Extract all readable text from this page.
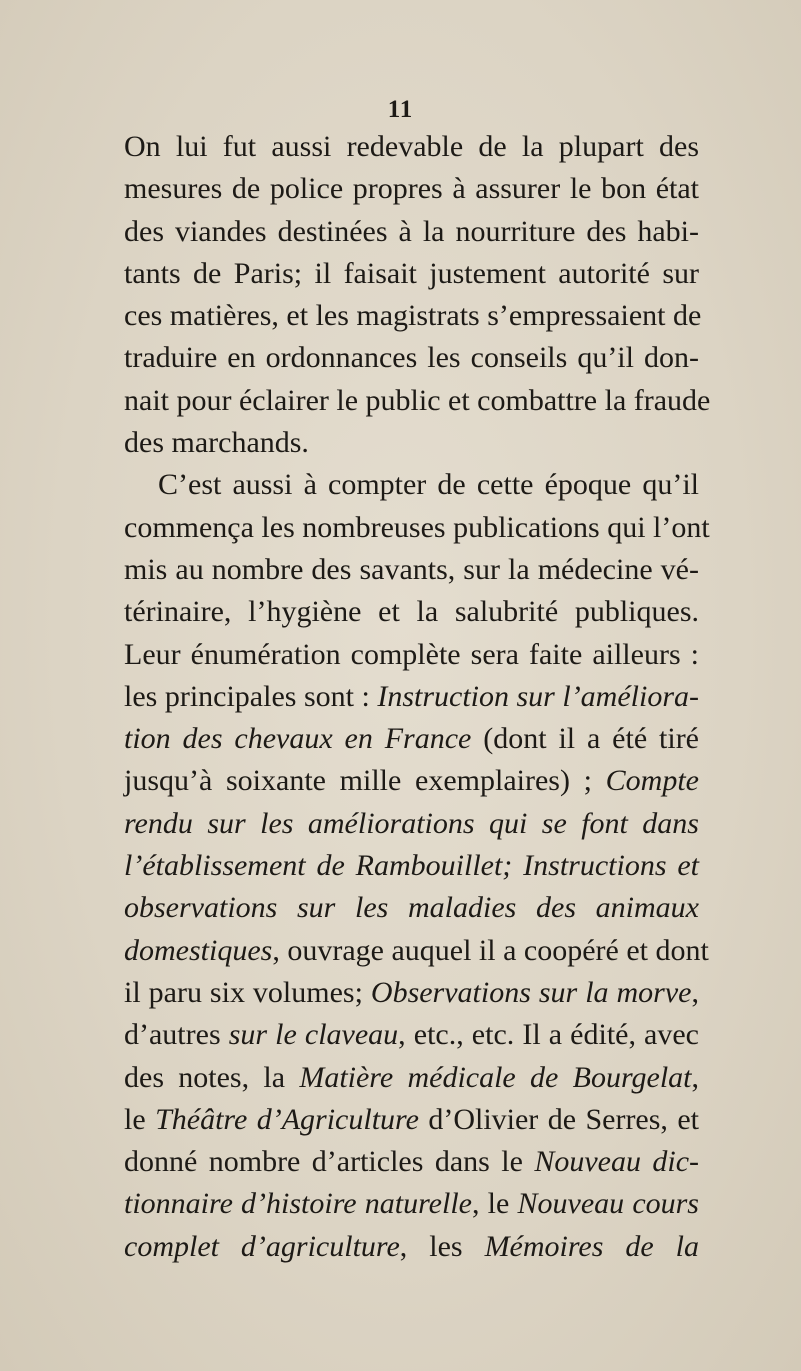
11
On lui fut aussi redevable de la plupart des
mesures de police propres à assurer le bon état
des viandes destinées à la nourriture des habi-
tants de Paris; il faisait justement autorité sur
ces matières, et les magistrats s’empressaient de
traduire en ordonnances les conseils qu’il don-
nait pour éclairer le public et combattre la fraude
des marchands.
C’est aussi à compter de cette époque qu’il
commença les nombreuses publications qui l’ont
mis au nombre des savants, sur la médecine vé-
térinaire, l’hygiène et la salubrité publiques.
Leur énumération complète sera faite ailleurs :
les principales sont : Instruction sur l’améliora-
tion des chevaux en France (dont il a été tiré
jusqu’à soixante mille exemplaires) ; Compte
rendu sur les améliorations qui se font dans
l’établissement de Rambouillet; Instructions et
observations sur les maladies des animaux
domestiques, ouvrage auquel il a coopéré et dont
il paru six volumes; Observations sur la morve,
d’autres sur le claveau, etc., etc. Il a édité, avec
des notes, la Matière médicale de Bourgelat,
le Théâtre d’Agriculture d’Olivier de Serres, et
donné nombre d’articles dans le Nouveau dic-
tionnaire d’histoire naturelle, le Nouveau cours
complet d’agriculture, les Mémoires de la
